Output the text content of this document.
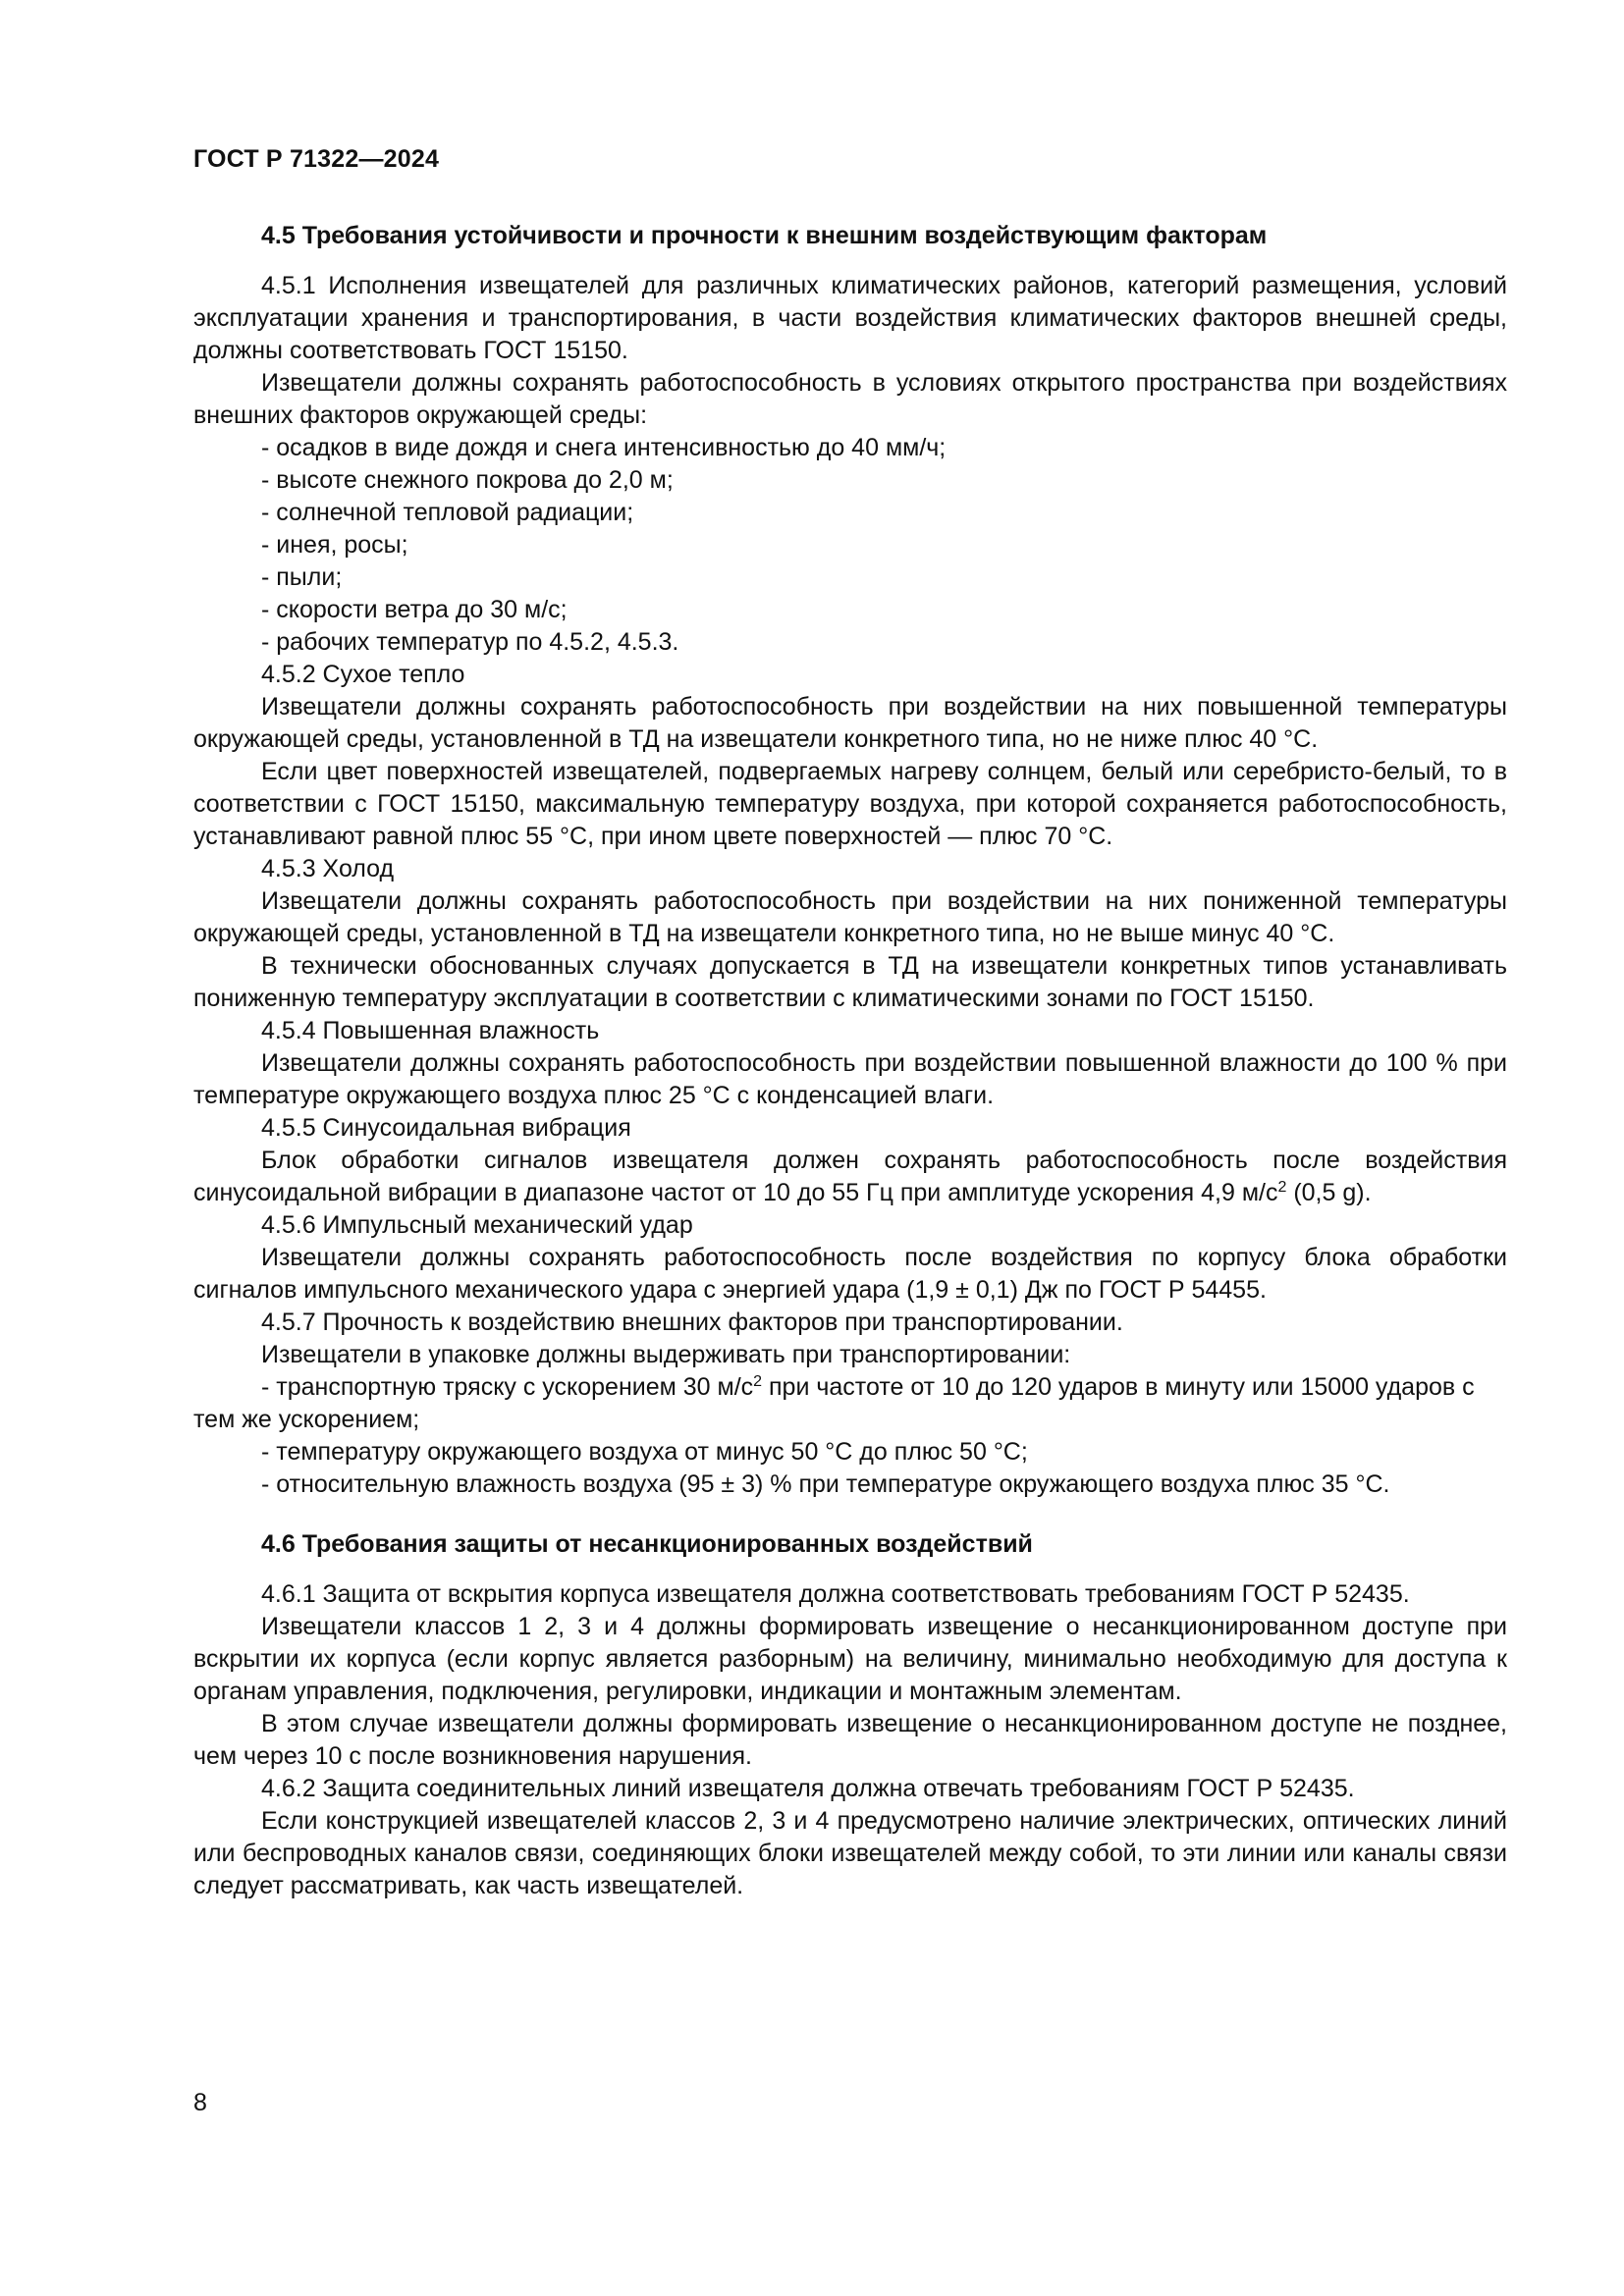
ГОСТ Р 71322—2024
4.5 Требования устойчивости и прочности к внешним воздействующим факторам

4.5.1 Исполнения извещателей для различных климатических районов, категорий размещения, условий эксплуатации хранения и транспортирования, в части воздействия климатических факторов внешней среды, должны соответствовать ГОСТ 15150.

Извещатели должны сохранять работоспособность в условиях открытого пространства при воздействиях внешних факторов окружающей среды:

- осадков в виде дождя и снега интенсивностью до 40 мм/ч;

- высоте снежного покрова до 2,0 м;

- солнечной тепловой радиации;

- инея, росы;

- пыли;

- скорости ветра до 30 м/с;

- рабочих температур по 4.5.2, 4.5.3.

4.5.2 Сухое тепло

Извещатели должны сохранять работоспособность при воздействии на них повышенной температуры окружающей среды, установленной в ТД на извещатели конкретного типа, но не ниже плюс 40 °С.

Если цвет поверхностей извещателей, подвергаемых нагреву солнцем, белый или серебристо-белый, то в соответствии с ГОСТ 15150, максимальную температуру воздуха, при которой сохраняется работоспособность, устанавливают равной плюс 55 °С, при ином цвете поверхностей — плюс 70 °С.

4.5.3 Холод

Извещатели должны сохранять работоспособность при воздействии на них пониженной температуры окружающей среды, установленной в ТД на извещатели конкретного типа, но не выше минус 40 °С.

В технически обоснованных случаях допускается в ТД на извещатели конкретных типов устанавливать пониженную температуру эксплуатации в соответствии с климатическими зонами по ГОСТ 15150.

4.5.4 Повышенная влажность

Извещатели должны сохранять работоспособность при воздействии повышенной влажности до 100 % при температуре окружающего воздуха плюс 25 °С с конденсацией влаги.

4.5.5 Синусоидальная вибрация

Блок обработки сигналов извещателя должен сохранять работоспособность после воздействия синусоидальной вибрации в диапазоне частот от 10 до 55 Гц при амплитуде ускорения 4,9 $м/с^2$ (0,5 g).

4.5.6 Импульсный механический удар

Извещатели должны сохранять работоспособность после воздействия по корпусу блока обработки сигналов импульсного механического удара с энергией удара (1,9 ± 0,1) Дж по ГОСТ Р 54455.

4.5.7 Прочность к воздействию внешних факторов при транспортировании.

Извещатели в упаковке должны выдерживать при транспортировании:

- транспортную тряску с ускорением 30 $м/с^2$ при частоте от 10 до 120 ударов в минуту или 15000 ударов с тем же ускорением;

- температуру окружающего воздуха от минус 50 °С до плюс 50 °С;

- относительную влажность воздуха (95 ± 3) % при температуре окружающего воздуха плюс 35 °С.

4.6 Требования защиты от несанкционированных воздействий

4.6.1 Защита от вскрытия корпуса извещателя должна соответствовать требованиям ГОСТ Р 52435.

Извещатели классов 1 2, 3 и 4 должны формировать извещение о несанкционированном доступе при вскрытии их корпуса (если корпус является разборным) на величину, минимально необходимую для доступа к органам управления, подключения, регулировки, индикации и монтажным элементам.

В этом случае извещатели должны формировать извещение о несанкционированном доступе не позднее, чем через 10 с после возникновения нарушения.

4.6.2 Защита соединительных линий извещателя должна отвечать требованиям ГОСТ Р 52435.

Если конструкцией извещателей классов 2, 3 и 4 предусмотрено наличие электрических, оптических линий или беспроводных каналов связи, соединяющих блоки извещателей между собой, то эти линии или каналы связи следует рассматривать, как часть извещателей.

8
